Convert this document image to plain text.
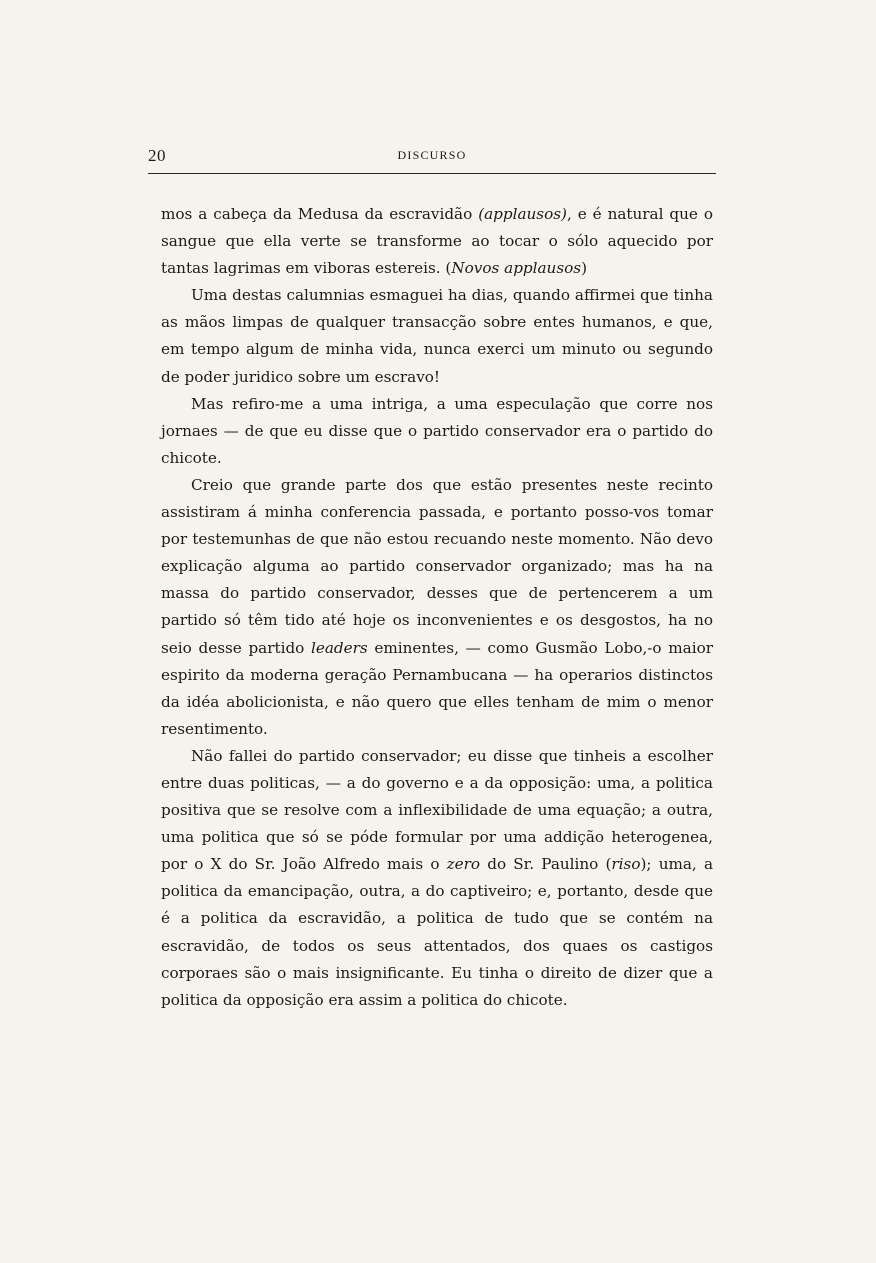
20	DISCURSO

mos a cabeça da Medusa da escravidão (applausos), e é natural que o sangue que ella verte se transforme ao tocar o sólo aquecido por tantas lagrimas em viboras estereis. (Novos applausos)

Uma destas calumnias esmaguei ha dias, quando affirmei que tinha as mãos limpas de qualquer transacção sobre entes humanos, e que, em tempo algum de minha vida, nunca exerci um minuto ou segundo de poder juridico sobre um escravo!

Mas refiro-me a uma intriga, a uma especulação que corre nos jornaes — de que eu disse que o partido conservador era o partido do chicote.

Creio que grande parte dos que estão presentes neste recinto assistiram á minha conferencia passada, e portanto posso-vos tomar por testemunhas de que não estou recuando neste momento. Não devo explicação alguma ao partido conservador organizado; mas ha na massa do partido conservador, desses que de pertencerem a um partido só têm tido até hoje os inconvenientes e os desgostos, ha no seio desse partido leaders eminentes, — como Gusmão Lobo,-o maior espirito da moderna geração Pernambucana — ha operarios distinctos da idéa abolicionista, e não quero que elles tenham de mim o menor resentimento.

Não fallei do partido conservador; eu disse que tinheis a escolher entre duas politicas, — a do governo e a da opposição: uma, a politica positiva que se resolve com a inflexibilidade de uma equação; a outra, uma politica que só se póde formular por uma addição heterogenea, por o X do Sr. João Alfredo mais o zero do Sr. Paulino (riso); uma, a politica da emancipação, outra, a do captiveiro; e, portanto, desde que é a politica da escravidão, a politica de tudo que se contém na escravidão, de todos os seus attentados, dos quaes os castigos corporaes são o mais insignificante. Eu tinha o direito de dizer que a politica da opposição era assim a politica do chicote.
